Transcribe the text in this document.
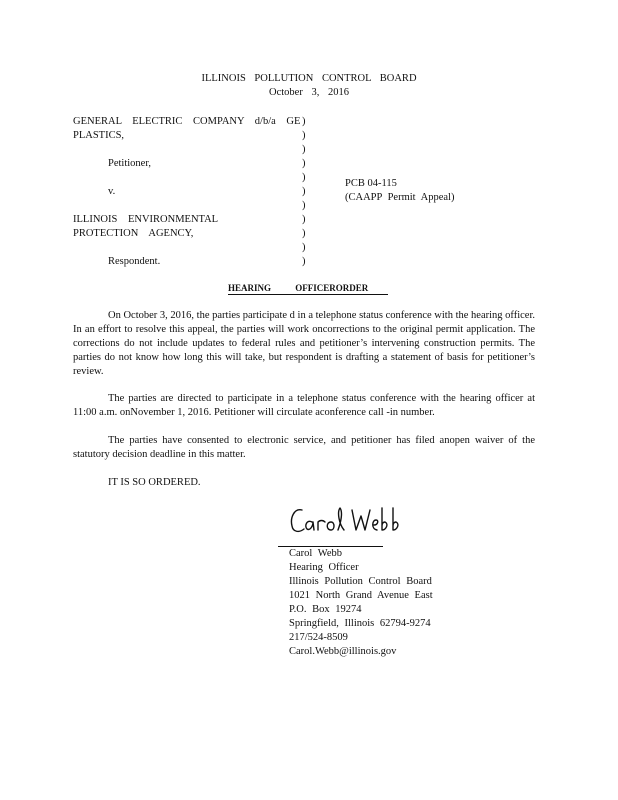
ILLINOIS POLLUTION CONTROL BOARD

October 3, 2016

GENERAL ELECTRIC COMPANY d/b/a GE
PLASTICS,
Petitioner,
v.
ILLINOIS ENVIRONMENTAL
PROTECTION AGENCY,
Respondent.
)
)
)
)
)
)
)
)
)
)
)
PCB 04-115
(CAAPP Permit Appeal)
HEARING OFFICERORDER

On October 3, 2016, the parties participate d in a telephone status conference with the hearing officer. In an effort to resolve this appeal, the parties will work oncorrections to the original permit application. The corrections do not include updates to federal rules and petitioner’s intervening construction permits. The parties do not know how long this will take, but respondent is drafting a statement of basis for petitioner’s review.

The parties are directed to participate in a telephone status conference with the hearing officer at 11:00 a.m. onNovember 1, 2016. Petitioner will circulate aconference call -in number.

The parties have consented to electronic service, and petitioner has filed anopen waiver of the statutory decision deadline in this matter.

IT IS SO ORDERED.

Carol Webb
Hearing Officer
Illinois Pollution Control Board
1021 North Grand Avenue East
P.O. Box 19274
Springfield, Illinois 62794-9274
217/524-8509
Carol.Webb@illinois.gov
